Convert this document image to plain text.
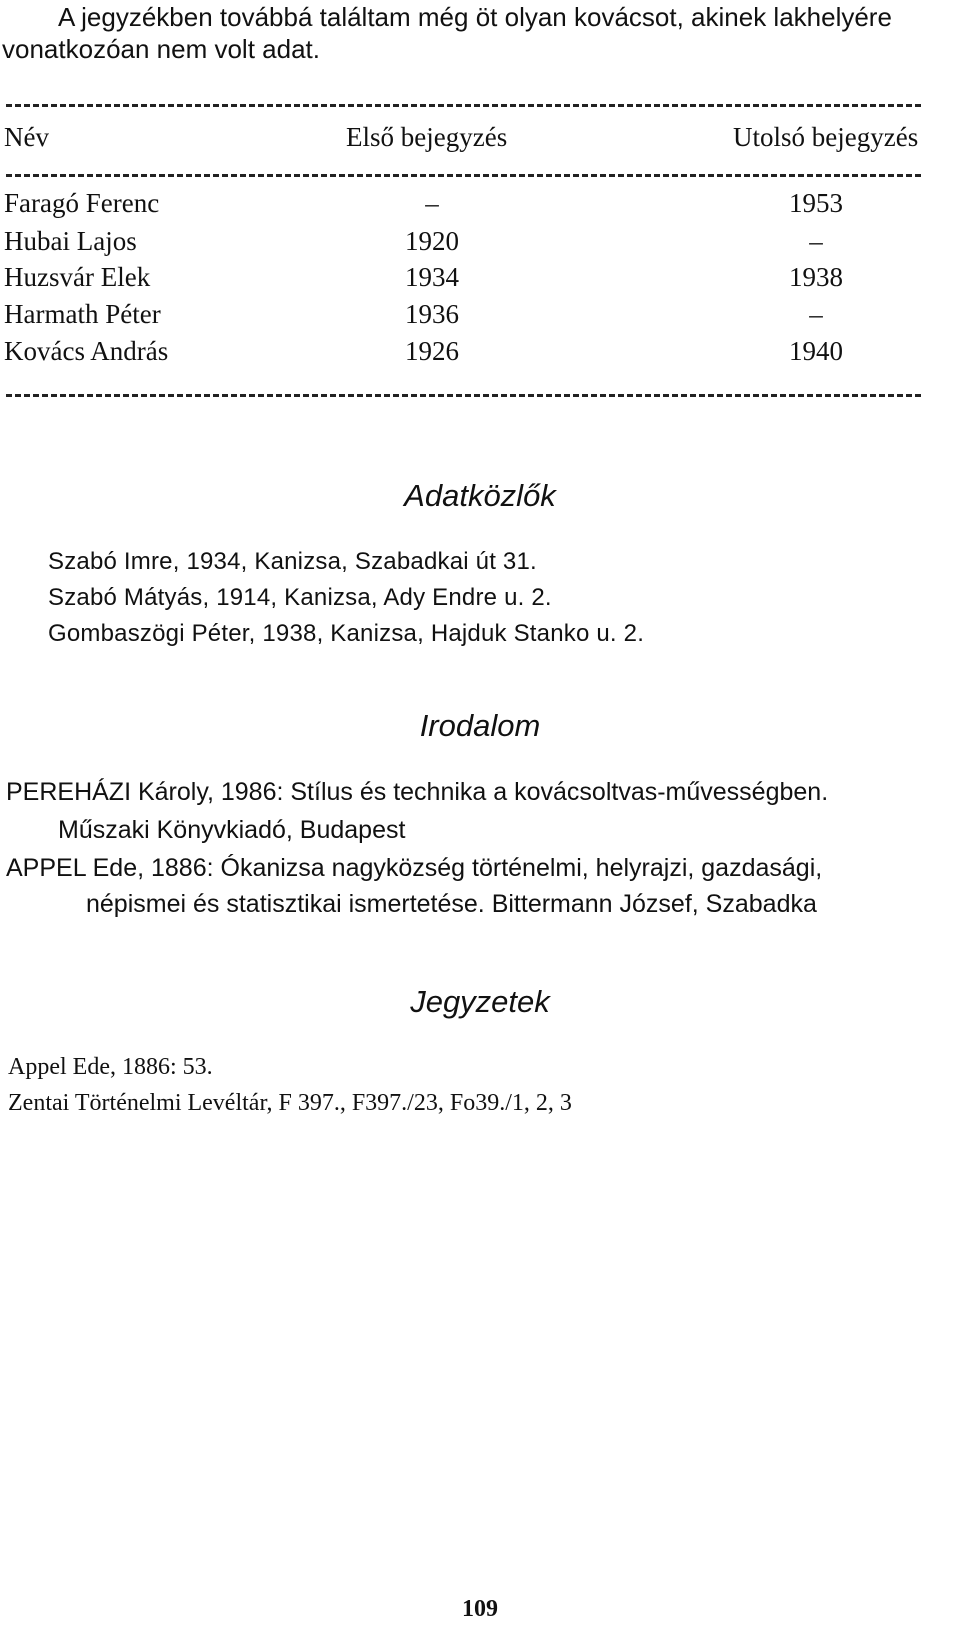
A jegyzékben továbbá találtam még öt olyan kovácsot, akinek lakhelyére
vonatkozóan nem volt adat.
Név	Első bejegyzés	Utolsó bejegyzés
Faragó Ferenc	–	1953
Hubai Lajos	1920	–
Huzsvár Elek	1934	1938
Harmath Péter	1936	–
Kovács András	1926	1940
Adatközlők
Szabó Imre, 1934, Kanizsa, Szabadkai út 31.
Szabó Mátyás, 1914, Kanizsa, Ady Endre u. 2.
Gombaszögi Péter, 1938, Kanizsa, Hajduk Stanko u. 2.
Irodalom
PEREHÁZI Károly, 1986: Stílus és technika a kovácsoltvas-művességben.
Műszaki Könyvkiadó, Budapest
APPEL Ede, 1886: Ókanizsa nagyközség történelmi, helyrajzi, gazdasági,
népismei és statisztikai ismertetése. Bittermann József, Szabadka
Jegyzetek
Appel Ede, 1886: 53.
Zentai Történelmi Levéltár, F 397., F397./23, Fo39./1, 2, 3
109
